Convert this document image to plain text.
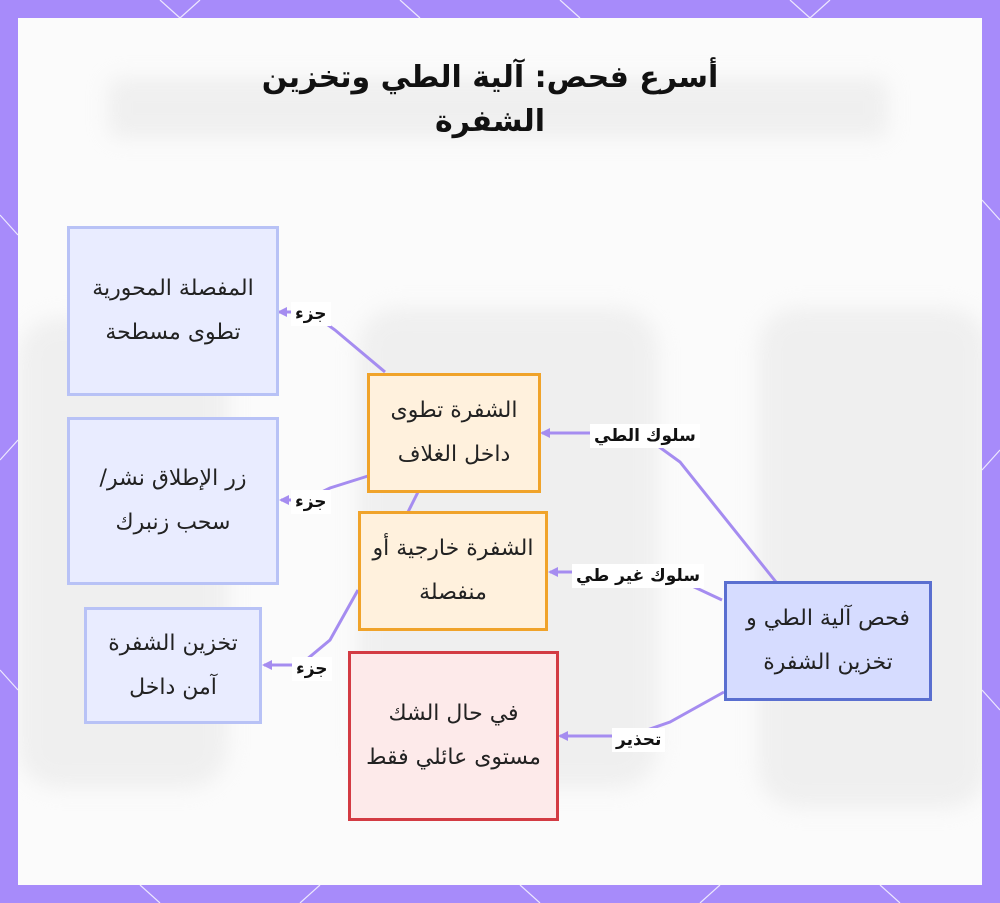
أسرع فحص: آلية الطي وتخزين الشفرة
المفصلة المحورية تطوى مسطحة
زر الإطلاق نشر/سحب زنبرك
تخزين الشفرة آمن داخل
الشفرة تطوى داخل الغلاف
الشفرة خارجية أو منفصلة
في حال الشك مستوى عائلي فقط
فحص آلية الطي و تخزين الشفرة
جزء
جزء
جزء
سلوك الطي
سلوك غير طي
تحذير
